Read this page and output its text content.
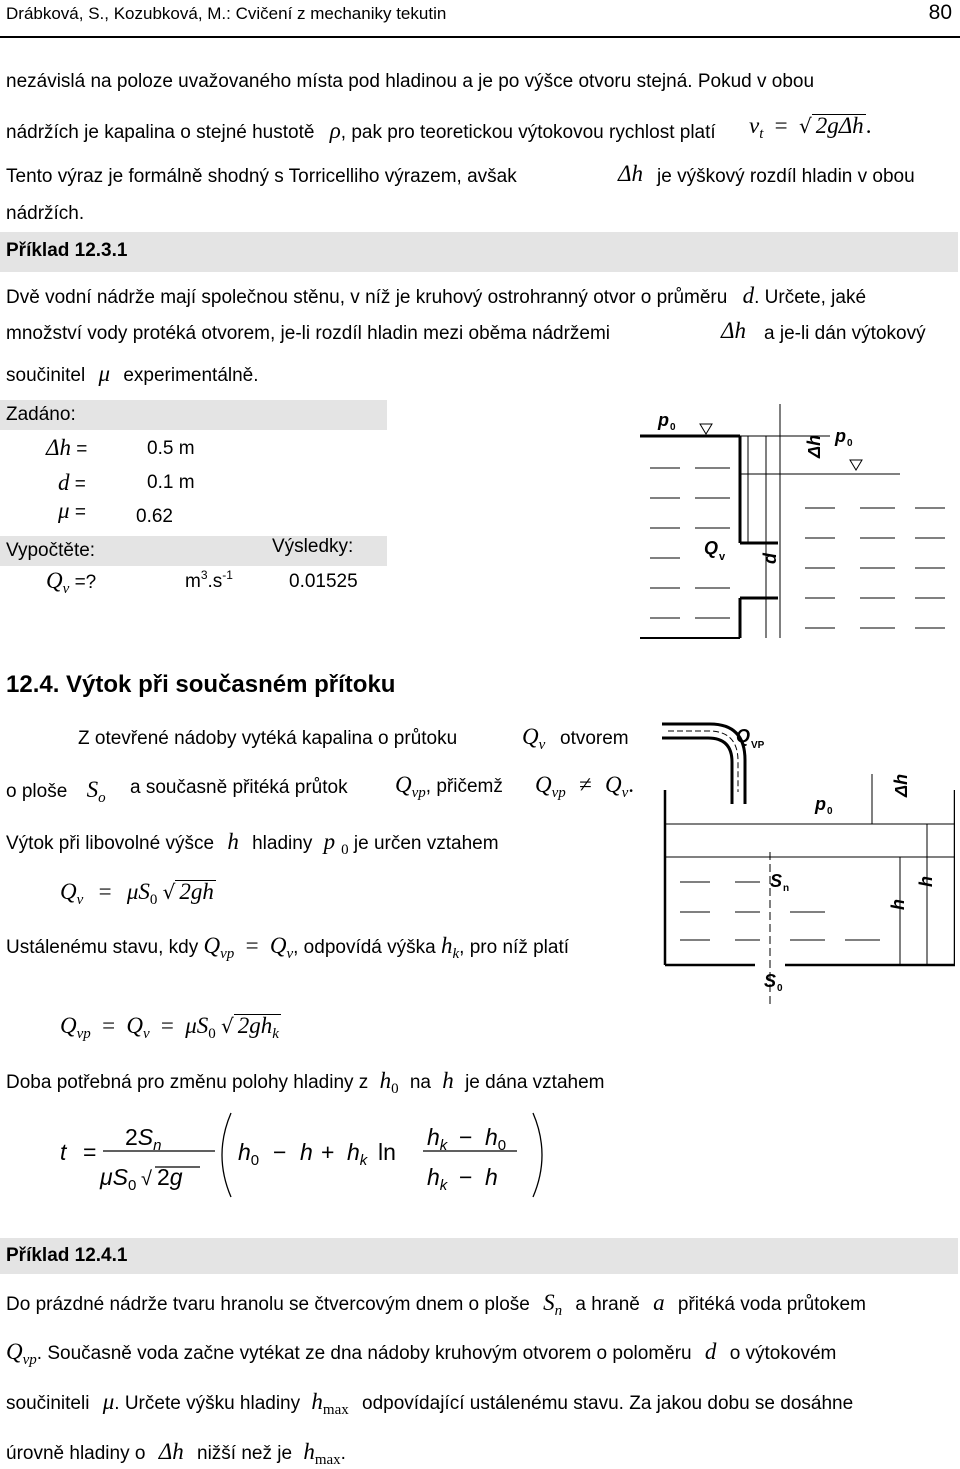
Drábková, S., Kozubková, M.: Cvičení z mechaniky tekutin	80
nezávislá na poloze uvažovaného místa pod hladinou a je po výšce otvoru stejná. Pokud v obou
nádržích je kapalina o stejné hustotě ρ, pak pro teoretickou výtokovou rychlost platí $v_t$ = √ 2gΔh.
Tento výraz je formálně shodný s Torricelliho výrazem, avšak	Δh je výškový rozdíl hladin v obou
nádržích.
Příklad 12.3.1
Dvě vodní nádrže mají společnou stěnu, v níž je kruhový ostrohranný otvor o průměru d. Určete, jaké
množství vody protéká otvorem, je-li rozdíl hladin mezi oběma nádržemi	Δh a je-li dán výtokový
součinitel μ experimentálně.
Zadáno:
Δh =	0.5 m
d =	0.1 m
μ =	0.62
Vypočtěte:	Výsledky:
$Q_v$ =?	$m^3.s^{-1}$	0.01525
p 0	p 0
Δh
Q v d
12.4. Výtok při současném přítoku
Z otevřené nádoby vytéká kapalina o průtoku	$Q_v$ otvorem
o ploše $S_o$ a současně přitéká průtok $Q_{vp}$, přičemž $Q_{vp} \ne Q_v$.
Výtok při libovolné výšce h hladiny p $_0$ je určen vztahem
$Q_v = \mu S_0$ √ 2gh
Ustálenému stavu, kdy $Q_{vp} = Q_v$, odpovídá výška $h_k$, pro níž platí
$Q_{vp} = Q_v = \mu S_0$ √ $2gh_k$
Doba potřebná pro změnu polohy hladiny z $h_0$ na h je dána vztahem
t =
$2S_n$
$\mu S_0$ √ 2g
$h_0 - h + h_k$ ln
$h_k - h_0$
$h_k - h$
Q VP
p 0
Δh
S n
h
h
S 0
Příklad 12.4.1
Do prázdné nádrže tvaru hranolu se čtvercovým dnem o ploše $S_n$ a hraně a přitéká voda průtokem
$Q_{vp}$. Současně voda začne vytékat ze dna nádoby kruhovým otvorem o poloměru d o výtokovém
součiniteli μ. Určete výšku hladiny $h_{max}$ odpovídající ustálenému stavu. Za jakou dobu se dosáhne
úrovně hladiny o Δh nižší než je $h_{max}$.
